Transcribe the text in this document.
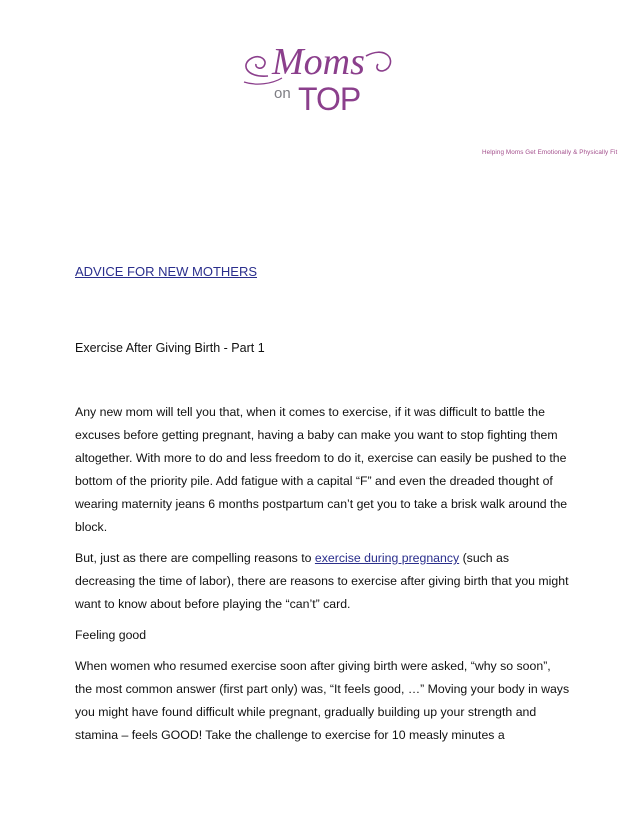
Moms
on TOP
Helping Moms Get Emotionally & Physically Fit
ADVICE FOR NEW MOTHERS
Exercise After Giving Birth - Part 1

Any new mom will tell you that, when it comes to exercise, if it was difficult to battle the excuses before getting pregnant, having a baby can make you want to stop fighting them altogether. With more to do and less freedom to do it, exercise can easily be pushed to the bottom of the priority pile. Add fatigue with a capital “F” and even the dreaded thought of wearing maternity jeans 6 months postpartum can’t get you to take a brisk walk around the block.

But, just as there are compelling reasons to exercise during pregnancy (such as decreasing the time of labor), there are reasons to exercise after giving birth that you might want to know about before playing the “can’t” card.

Feeling good

When women who resumed exercise soon after giving birth were asked, “why so soon”, the most common answer (first part only) was, “It feels good, …” Moving your body in ways you might have found difficult while pregnant, gradually building up your strength and stamina – feels GOOD! Take the challenge to exercise for 10 measly minutes a
